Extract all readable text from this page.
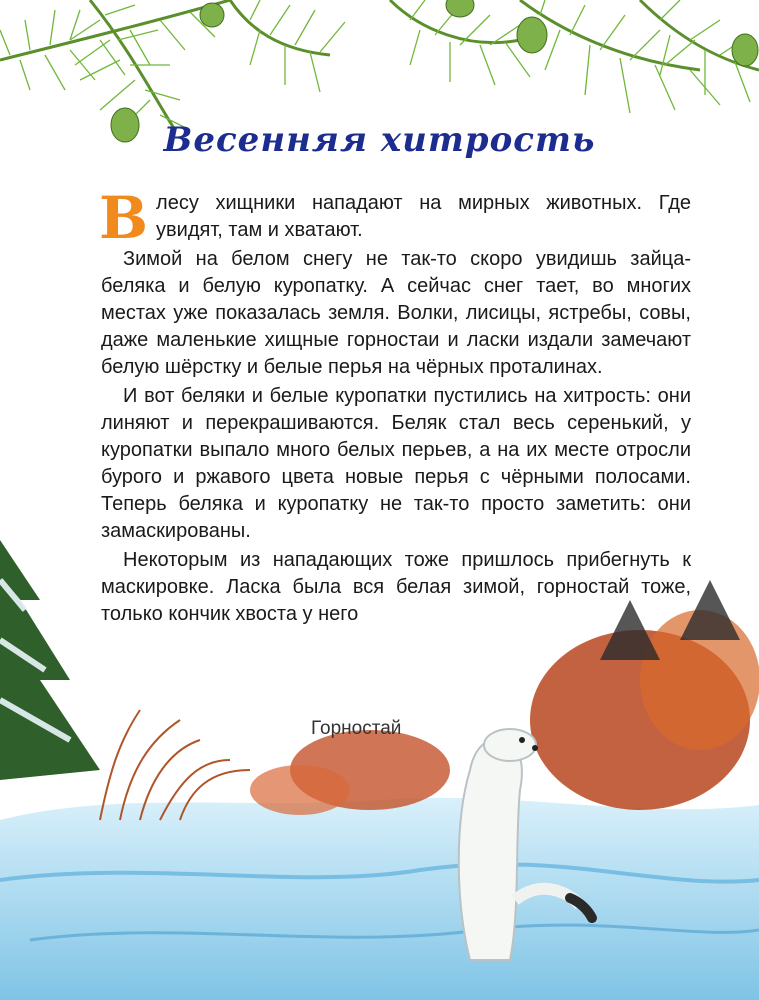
Весенняя хитрость

В лесу хищники нападают на мирных животных. Где увидят, там и хватают.

Зимой на белом снегу не так-то скоро увидишь зайца-беляка и белую куропатку. А сейчас снег тает, во многих местах уже показалась земля. Волки, лисицы, ястребы, совы, даже маленькие хищные горностаи и ласки издали замечают белую шёрстку и белые перья на чёрных проталинах.

И вот беляки и белые куропатки пустились на хитрость: они линяют и перекрашиваются. Беляк стал весь серенький, у куропатки выпало много белых перьев, а на их месте отросли бурого и ржавого цвета новые перья с чёрными полосами. Теперь беляка и куропатку не так-то просто заметить: они замаскированы.

Некоторым из нападающих тоже пришлось прибегнуть к маскировке. Ласка была вся белая зимой, горностай тоже, только кончик хвоста у него

Горностай
